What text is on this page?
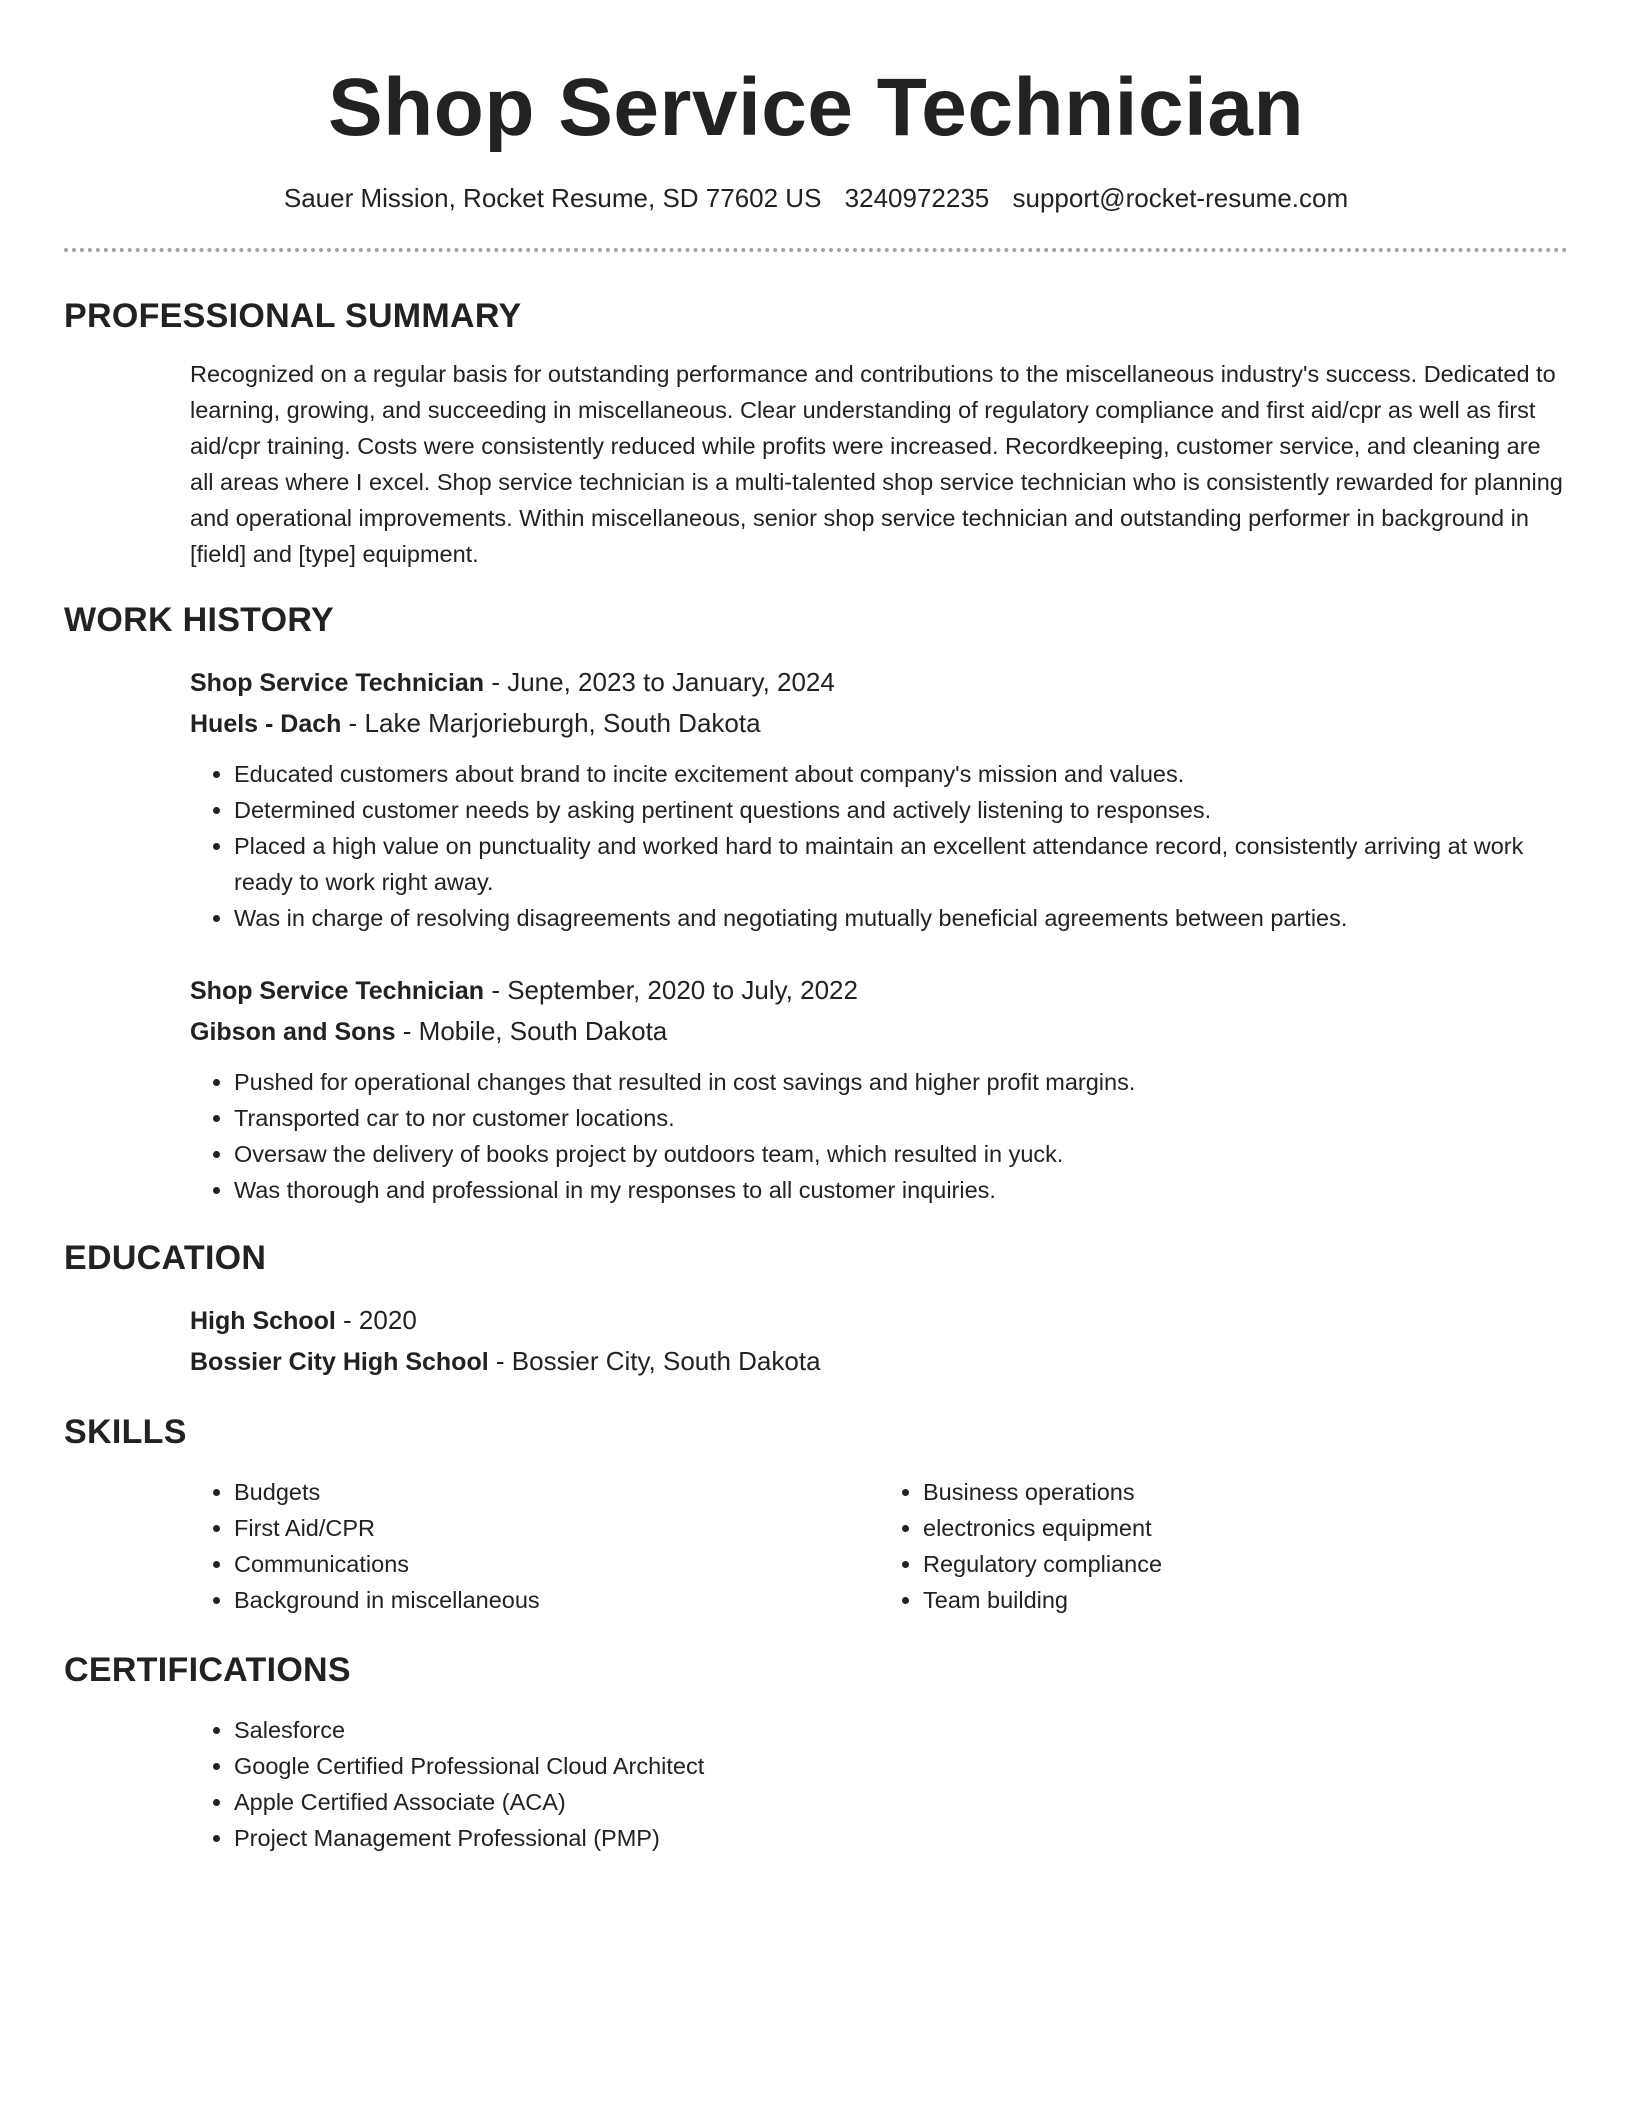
Shop Service Technician
Sauer Mission, Rocket Resume, SD 77602 US 3240972235 support@rocket-resume.com
PROFESSIONAL SUMMARY

Recognized on a regular basis for outstanding performance and contributions to the miscellaneous industry's success. Dedicated to learning, growing, and succeeding in miscellaneous. Clear understanding of regulatory compliance and first aid/cpr as well as first aid/cpr training. Costs were consistently reduced while profits were increased. Recordkeeping, customer service, and cleaning are all areas where I excel. Shop service technician is a multi-talented shop service technician who is consistently rewarded for planning and operational improvements. Within miscellaneous, senior shop service technician and outstanding performer in background in [field] and [type] equipment.

WORK HISTORY
Shop Service Technician - June, 2023 to January, 2024
Huels - Dach - Lake Marjorieburgh, South Dakota
• Educated customers about brand to incite excitement about company's mission and values.
• Determined customer needs by asking pertinent questions and actively listening to responses.
• Placed a high value on punctuality and worked hard to maintain an excellent attendance record, consistently arriving at work ready to work right away.
• Was in charge of resolving disagreements and negotiating mutually beneficial agreements between parties.
Shop Service Technician - September, 2020 to July, 2022
Gibson and Sons - Mobile, South Dakota
• Pushed for operational changes that resulted in cost savings and higher profit margins.
• Transported car to nor customer locations.
• Oversaw the delivery of books project by outdoors team, which resulted in yuck.
• Was thorough and professional in my responses to all customer inquiries.
EDUCATION
High School - 2020
Bossier City High School - Bossier City, South Dakota
SKILLS
• Budgets
• First Aid/CPR
• Communications
• Background in miscellaneous
• Business operations
• electronics equipment
• Regulatory compliance
• Team building
CERTIFICATIONS
• Salesforce
• Google Certified Professional Cloud Architect
• Apple Certified Associate (ACA)
• Project Management Professional (PMP)
